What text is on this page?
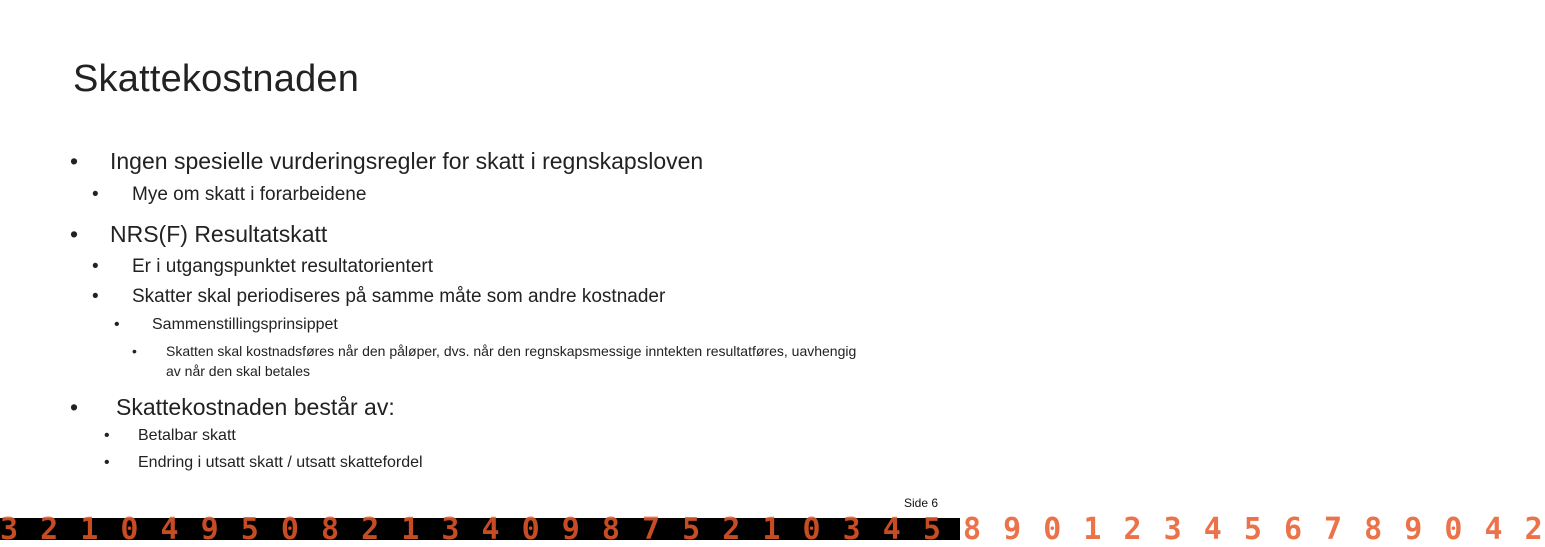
Skattekostnaden
• Ingen spesielle vurderingsregler for skatt i regnskapsloven
• Mye om skatt i forarbeidene
• NRS(F) Resultatskatt
• Er i utgangspunktet resultatorientert
• Skatter skal periodiseres på samme måte som andre kostnader
• Sammenstillingsprinsippet
• Skatten skal kostnadsføres når den påløper, dvs. når den regnskapsmessige inntekten resultatføres, uavhengig av når den skal betales
• Skattekostnaden består av:
• Betalbar skatt
• Endring i utsatt skatt / utsatt skattefordel
Side 6
3 2 1 0 4 9 5 0 8 2 1 3 4 0 9 8 7 5 2 1 0 3 4 5 8 9 0 1 2 3 4 5 6 7 8 9 0 4 2
